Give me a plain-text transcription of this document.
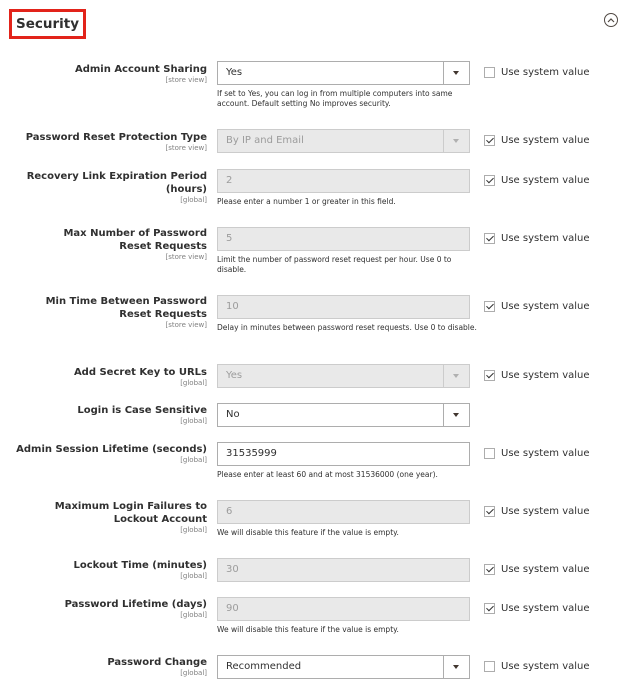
Security
Admin Account Sharing
[store view]
Yes
If set to Yes, you can log in from multiple computers into same account. Default setting No improves security.
Use system value
Password Reset Protection Type
[store view]
By IP and Email	Use system value
Recovery Link Expiration Period (hours)
[global]
2
Please enter a number 1 or greater in this field.
Use system value
Max Number of Password Reset Requests
[store view]
5
Limit the number of password reset request per hour. Use 0 to disable.
Use system value
Min Time Between Password Reset Requests
[store view]
10
Delay in minutes between password reset requests. Use 0 to disable.
Use system value
Add Secret Key to URLs
[global]
Yes	Use system value
Login is Case Sensitive
[global]
No
Admin Session Lifetime (seconds)
[global]
31535999
Please enter at least 60 and at most 31536000 (one year).
Use system value
Maximum Login Failures to Lockout Account
[global]
6
We will disable this feature if the value is empty.
Use system value
Lockout Time (minutes)
[global]
30	Use system value
Password Lifetime (days)
[global]
90
We will disable this feature if the value is empty.
Use system value
Password Change
[global]
Recommended	Use system value
